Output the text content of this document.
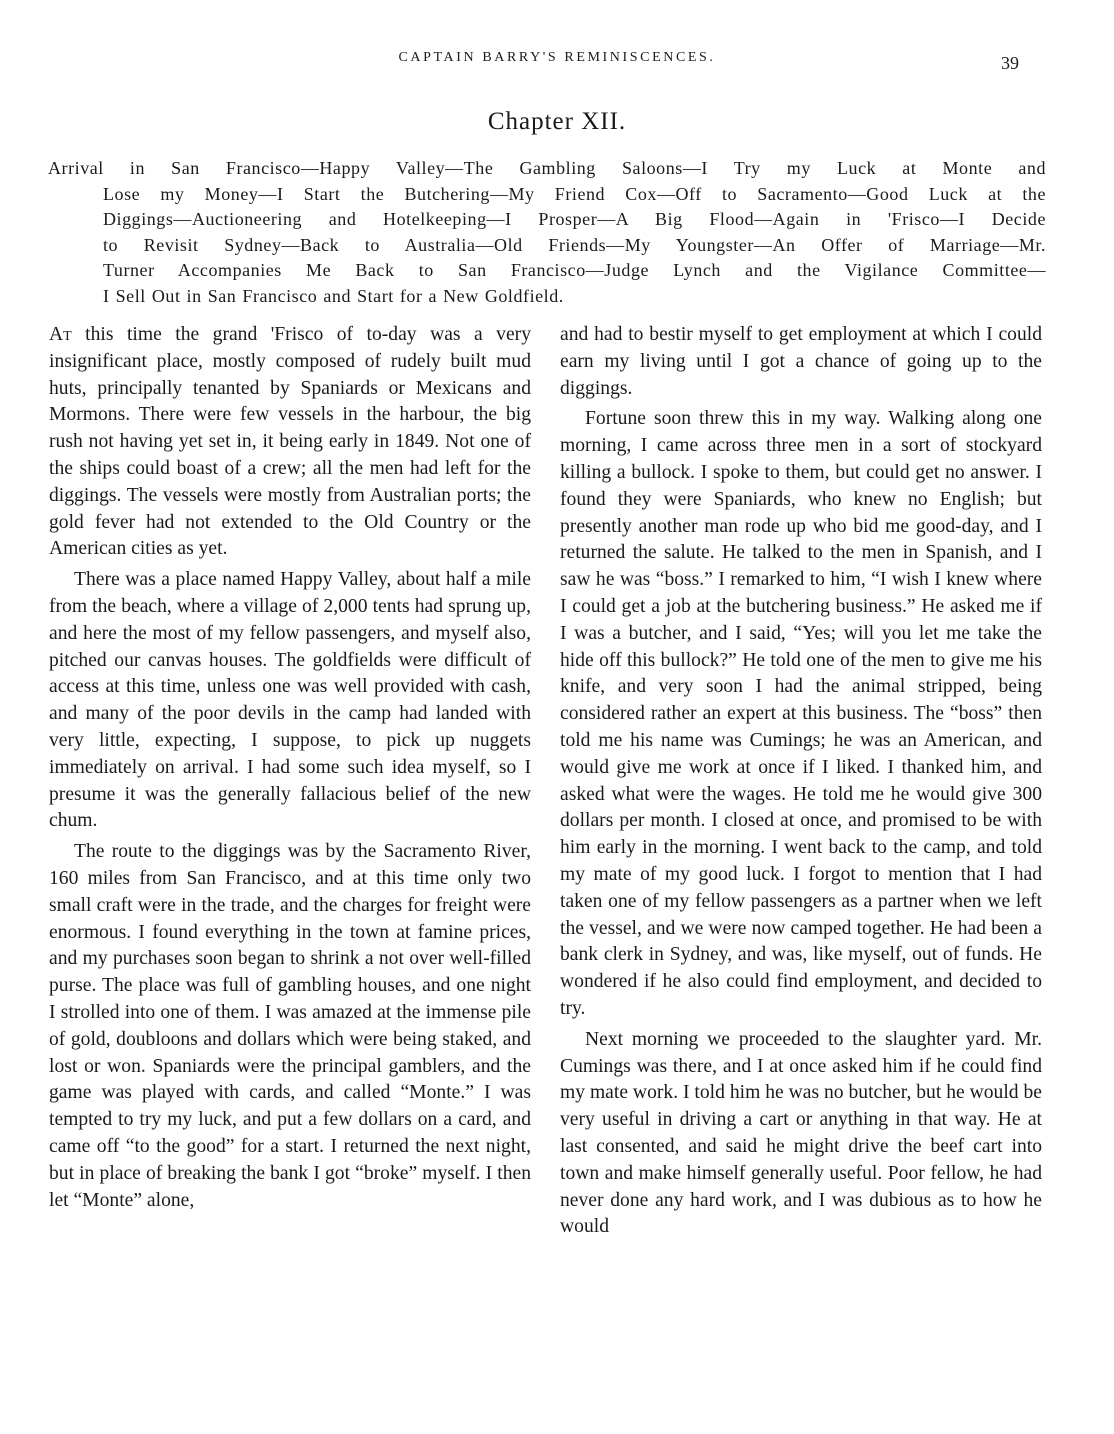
CAPTAIN BARRY'S REMINISCENCES.	39
Chapter XII.
Arrival in San Francisco—Happy Valley—The Gambling Saloons—I Try my Luck at Monte and
Lose my Money—I Start the Butchering—My Friend Cox—Off to Sacramento—Good Luck at the
Diggings—Auctioneering and Hotelkeeping—I Prosper—A Big Flood—Again in 'Frisco—I Decide
to Revisit Sydney—Back to Australia—Old Friends—My Youngster—An Offer of Marriage—Mr.
Turner Accompanies Me Back to San Francisco—Judge Lynch and the Vigilance Committee—
I Sell Out in San Francisco and Start for a New Goldfield.

At this time the grand 'Frisco of to-day was a very insignificant place, mostly composed of rudely built mud huts, principally tenanted by Spaniards or Mexicans and Mormons. There were few vessels in the harbour, the big rush not having yet set in, it being early in 1849. Not one of the ships could boast of a crew; all the men had left for the diggings. The vessels were mostly from Australian ports; the gold fever had not extended to the Old Country or the American cities as yet.

There was a place named Happy Valley, about half a mile from the beach, where a village of 2,000 tents had sprung up, and here the most of my fellow passengers, and myself also, pitched our canvas houses. The goldfields were difficult of access at this time, unless one was well provided with cash, and many of the poor devils in the camp had landed with very little, expecting, I suppose, to pick up nuggets immediately on arrival. I had some such idea myself, so I presume it was the generally fallacious belief of the new chum.

The route to the diggings was by the Sacramento River, 160 miles from San Francisco, and at this time only two small craft were in the trade, and the charges for freight were enormous. I found everything in the town at famine prices, and my purchases soon began to shrink a not over well-filled purse. The place was full of gambling houses, and one night I strolled into one of them. I was amazed at the immense pile of gold, doubloons and dollars which were being staked, and lost or won. Spaniards were the principal gamblers, and the game was played with cards, and called “Monte.” I was tempted to try my luck, and put a few dollars on a card, and came off “to the good” for a start. I returned the next night, but in place of breaking the bank I got “broke” myself. I then let “Monte” alone,

and had to bestir myself to get employment at which I could earn my living until I got a chance of going up to the diggings.

Fortune soon threw this in my way. Walking along one morning, I came across three men in a sort of stockyard killing a bullock. I spoke to them, but could get no answer. I found they were Spaniards, who knew no English; but presently another man rode up who bid me good-day, and I returned the salute. He talked to the men in Spanish, and I saw he was “boss.” I remarked to him, “I wish I knew where I could get a job at the butchering business.” He asked me if I was a butcher, and I said, “Yes; will you let me take the hide off this bullock?” He told one of the men to give me his knife, and very soon I had the animal stripped, being considered rather an expert at this business. The “boss” then told me his name was Cumings; he was an American, and would give me work at once if I liked. I thanked him, and asked what were the wages. He told me he would give 300 dollars per month. I closed at once, and promised to be with him early in the morning. I went back to the camp, and told my mate of my good luck. I forgot to mention that I had taken one of my fellow passengers as a partner when we left the vessel, and we were now camped together. He had been a bank clerk in Sydney, and was, like myself, out of funds. He wondered if he also could find employment, and decided to try.

Next morning we proceeded to the slaughter yard. Mr. Cumings was there, and I at once asked him if he could find my mate work. I told him he was no butcher, but he would be very useful in driving a cart or anything in that way. He at last consented, and said he might drive the beef cart into town and make himself generally useful. Poor fellow, he had never done any hard work, and I was dubious as to how he would
